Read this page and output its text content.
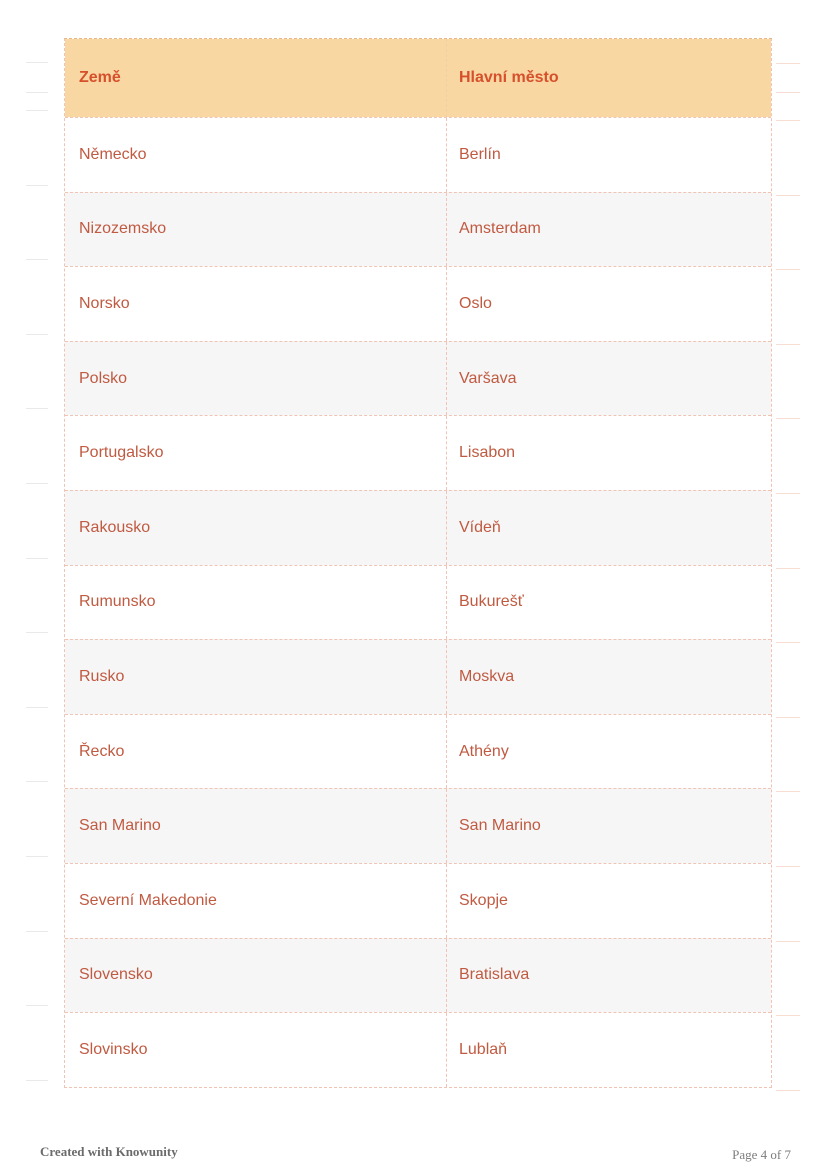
Země	Hlavní město
Německo	Berlín
Nizozemsko	Amsterdam
Norsko	Oslo
Polsko	Varšava
Portugalsko	Lisabon
Rakousko	Vídeň
Rumunsko	Bukurešť
Rusko	Moskva
Řecko	Athény
San Marino	San Marino
Severní Makedonie	Skopje
Slovensko	Bratislava
Slovinsko	Lublaň
Created with Knowunity	Page 4 of 7
